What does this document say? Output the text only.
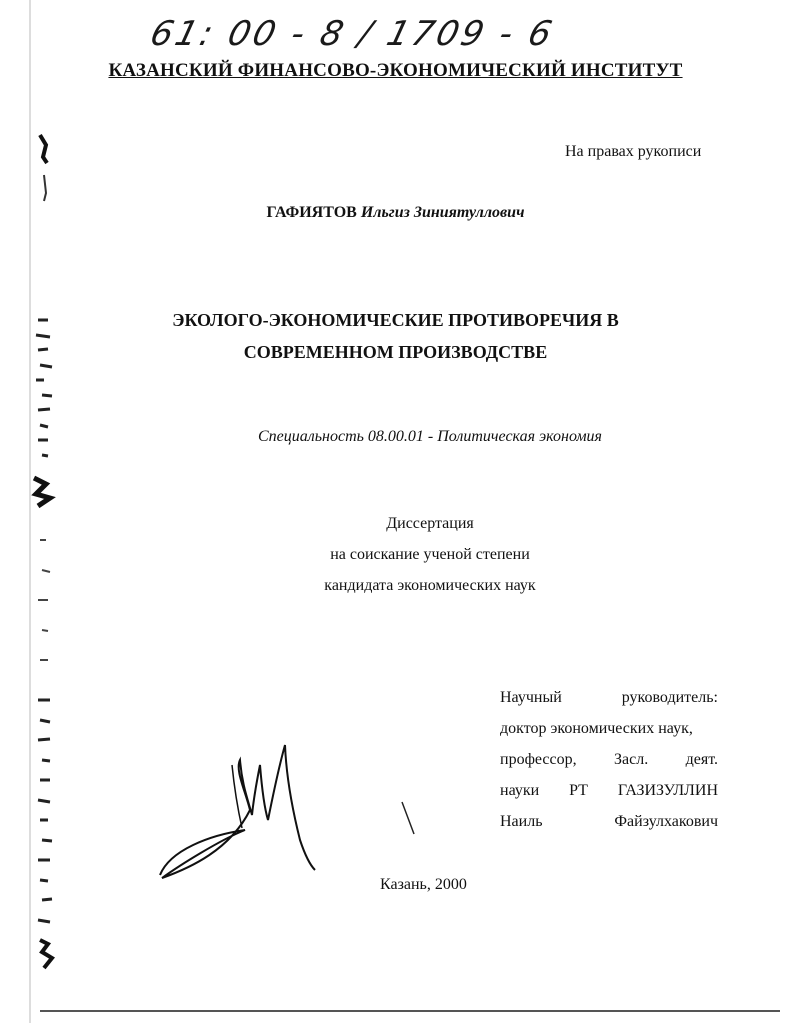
61: 00 - 8 / 1709 - 6
КАЗАНСКИЙ ФИНАНСОВО-ЭКОНОМИЧЕСКИЙ ИНСТИТУТ
На правах рукописи
ГАФИЯТОВ Ильгиз Зиниятуллович
ЭКОЛОГО-ЭКОНОМИЧЕСКИЕ ПРОТИВОРЕЧИЯ В
СОВРЕМЕННОМ ПРОИЗВОДСТВЕ
Специальность 08.00.01 - Политическая экономия
Диссертация
на соискание ученой степени
кандидата экономических наук
Научный	руководитель:
доктор экономических наук,
профессор, Засл. деят.
науки РТ ГАЗИЗУЛЛИН
Наиль	Файзулхакович
Казань, 2000
